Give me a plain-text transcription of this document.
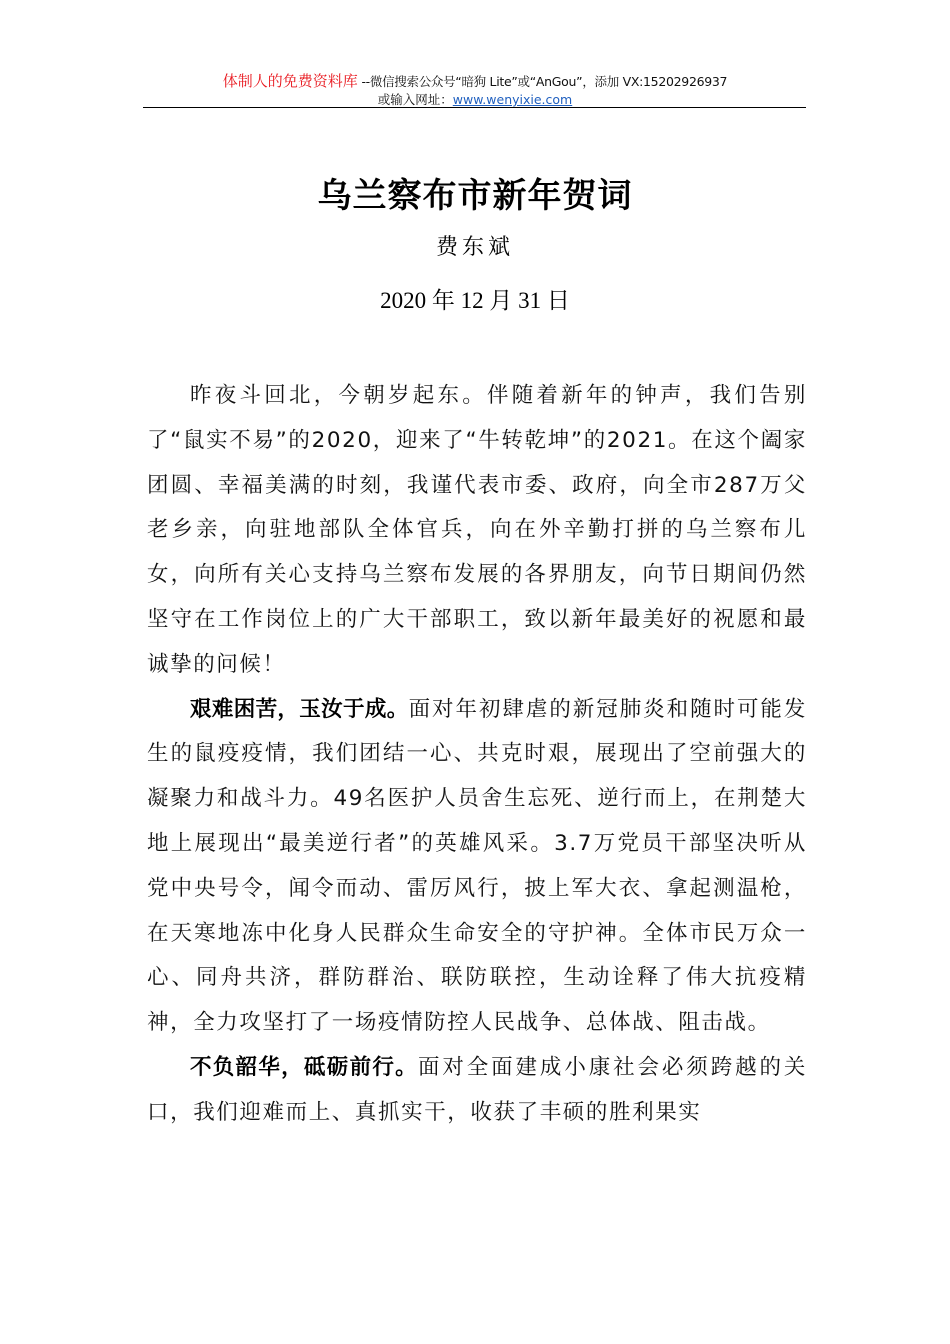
体制人的免费资料库 --微信搜索公众号“暗狗 Lite”或“AnGou”，添加 VX:15202926937
或输入网址：www.wenyixie.com
乌兰察布市新年贺词
费东斌
2020 年 12 月 31 日

昨夜斗回北，今朝岁起东。伴随着新年的钟声，我们告别了“鼠实不易”的2020，迎来了“牛转乾坤”的2021。在这个阖家团圆、幸福美满的时刻，我谨代表市委、政府，向全市287万父老乡亲，向驻地部队全体官兵，向在外辛勤打拼的乌兰察布儿女，向所有关心支持乌兰察布发展的各界朋友，向节日期间仍然坚守在工作岗位上的广大干部职工，致以新年最美好的祝愿和最诚挚的问候！

艰难困苦，玉汝于成。面对年初肆虐的新冠肺炎和随时可能发生的鼠疫疫情，我们团结一心、共克时艰，展现出了空前强大的凝聚力和战斗力。49名医护人员舍生忘死、逆行而上，在荆楚大地上展现出“最美逆行者”的英雄风采。3.7万党员干部坚决听从党中央号令，闻令而动、雷厉风行，披上军大衣、拿起测温枪，在天寒地冻中化身人民群众生命安全的守护神。全体市民万众一心、同舟共济，群防群治、联防联控，生动诠释了伟大抗疫精神，全力攻坚打了一场疫情防控人民战争、总体战、阻击战。

不负韶华，砥砺前行。面对全面建成小康社会必须跨越的关口，我们迎难而上、真抓实干，收获了丰硕的胜利果实
